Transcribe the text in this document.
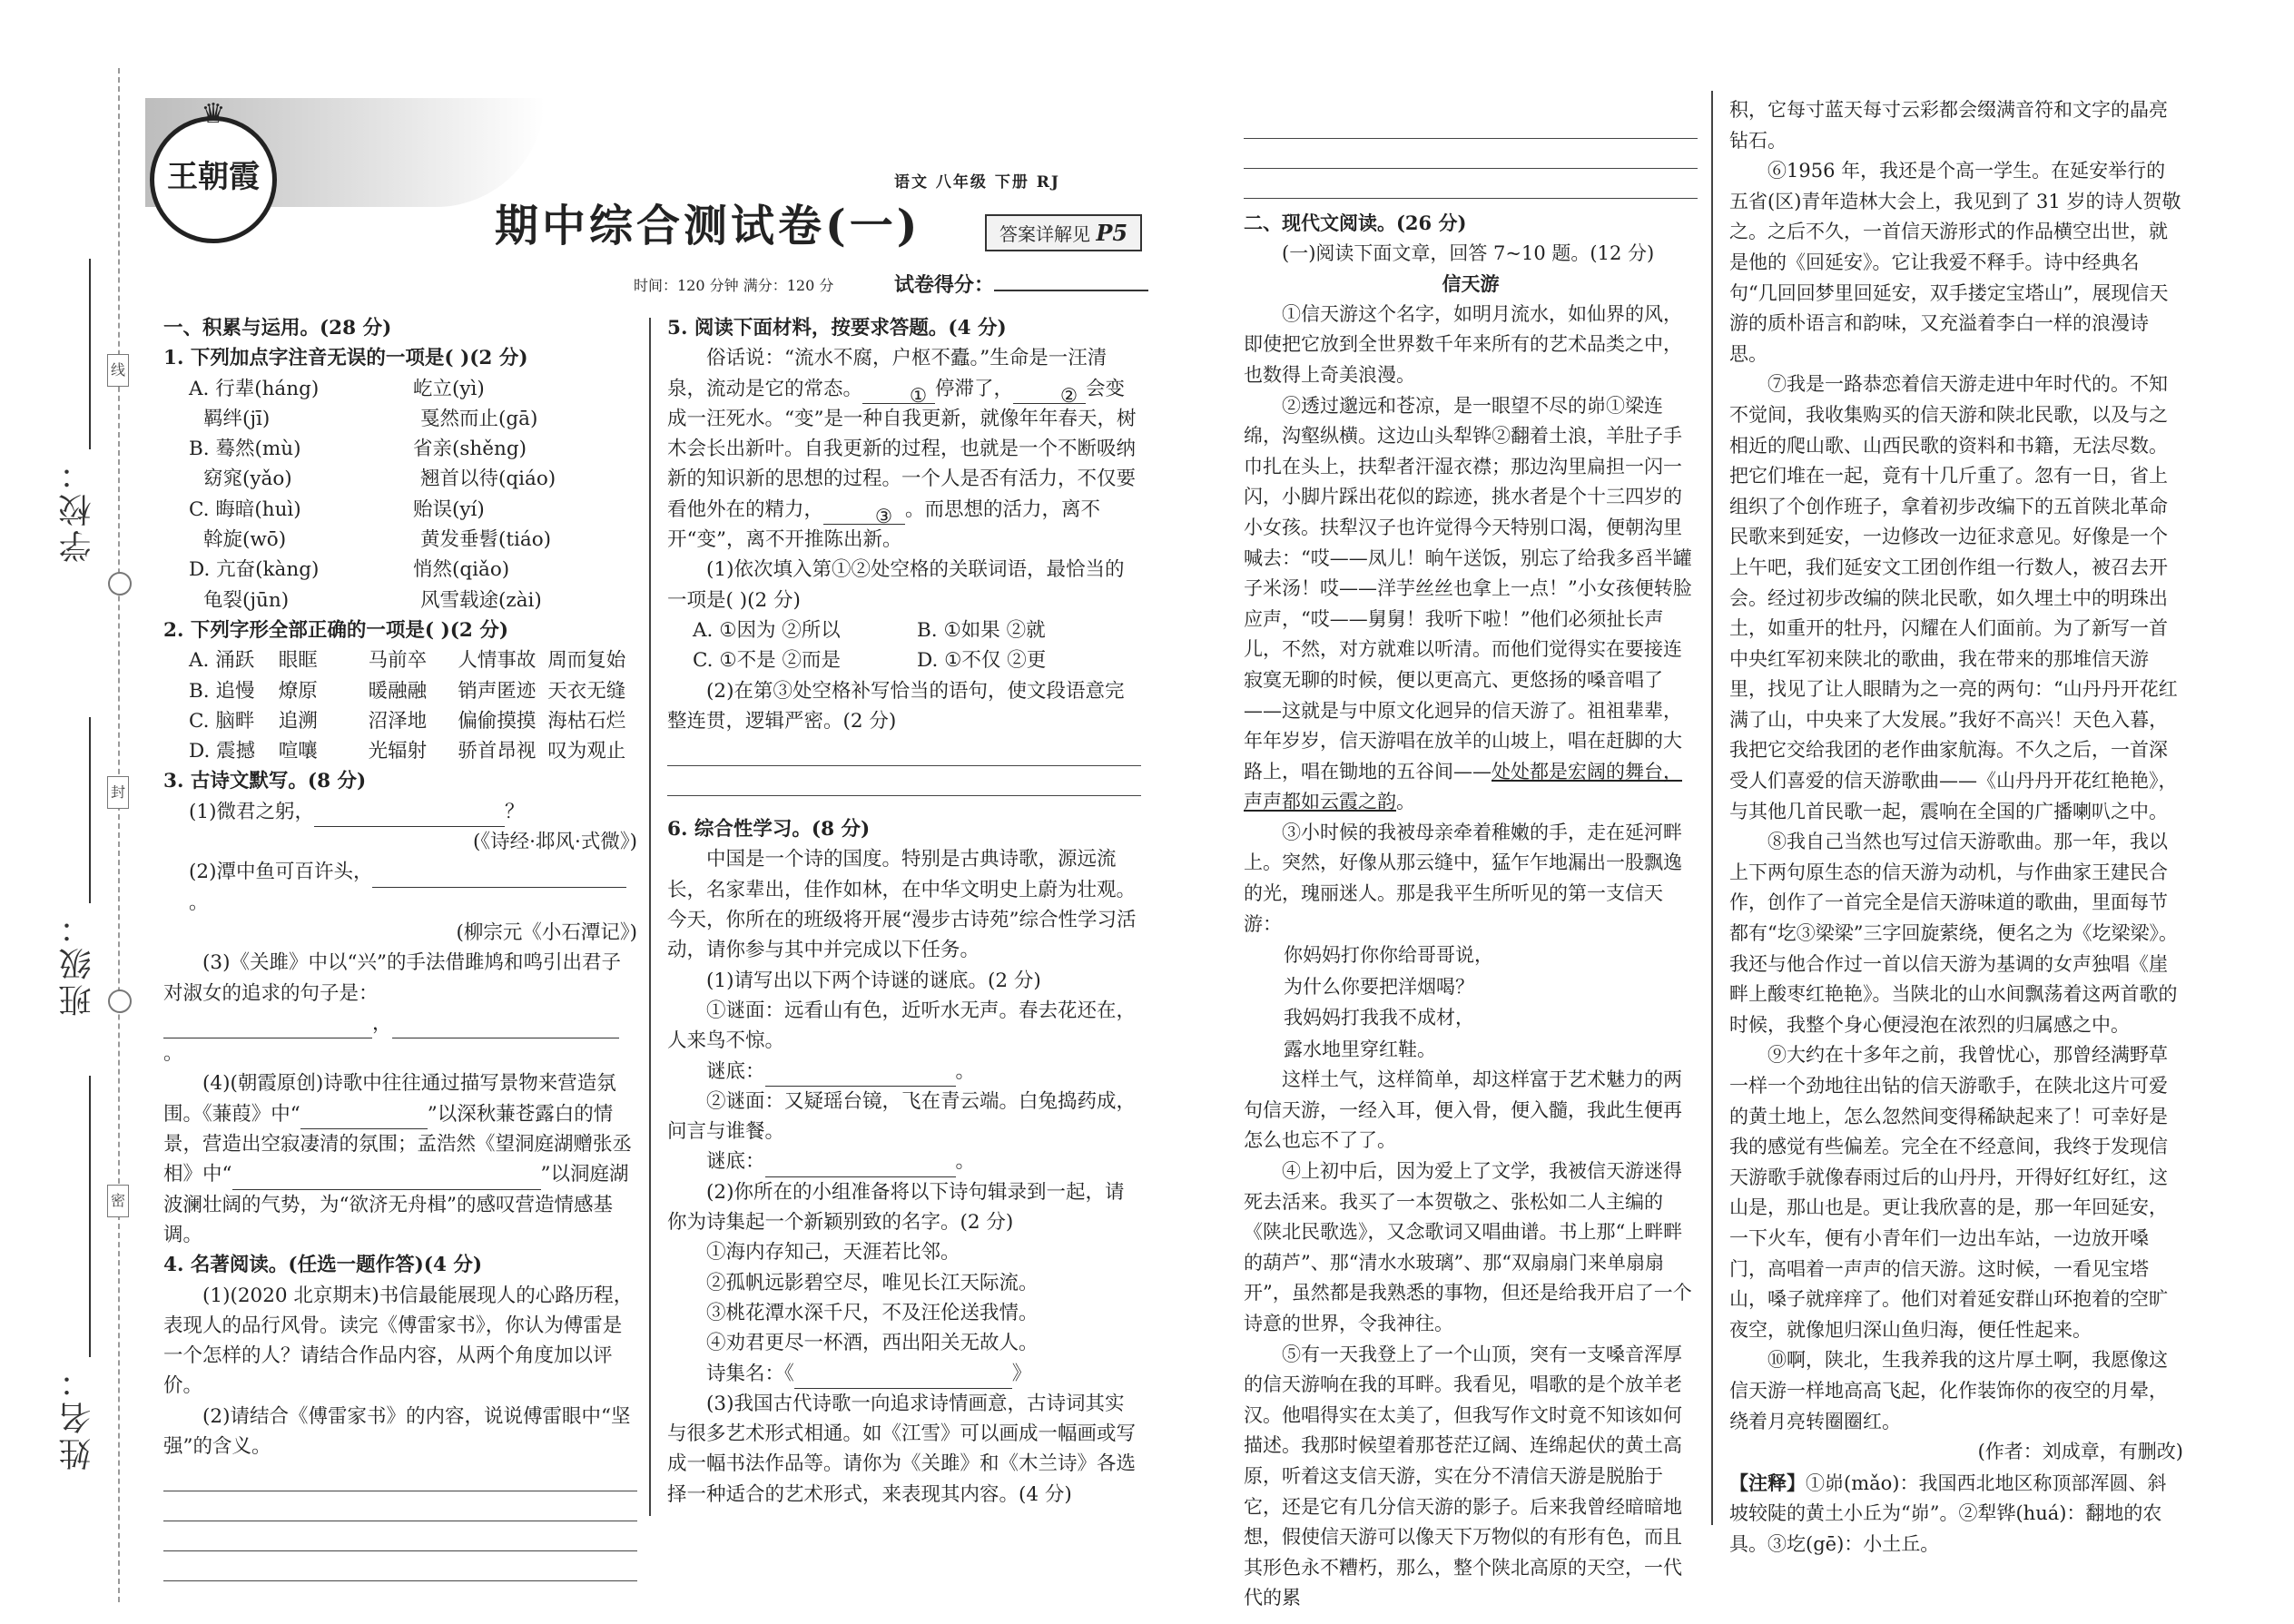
学校：
班级：
姓名：
线
封
密
♛
王朝霞
期中综合测试卷(一)
语文 八年级 下册 RJ
答案详解见 P5
时间：120 分钟 满分：120 分	试卷得分：

一、积累与运用。(28 分)

1. 下列加点字注音无误的一项是( )(2 分)

A. 行辈(háng)	屹立(yì)
羁绊(jī)	戛然而止(gā)
B. 蓦然(mù)	省亲(shěng)
窈窕(yǎo)	翘首以待(qiáo)
C. 晦暗(huì)	贻误(yí)
斡旋(wō)	黄发垂髫(tiáo)
D. 亢奋(kàng)	悄然(qiǎo)
龟裂(jūn)	风雪载途(zài)

2. 下列字形全部正确的一项是( )(2 分)

A. 涌跃	眼眶	马前卒	人情事故 周而复始
B. 追慢	燎原	暖融融	销声匿迹 天衣无缝
C. 脑畔	追溯	沼泽地	偏偷摸摸 海枯石烂
D. 震撼	喧嚷	光辐射	骄首昂视 叹为观止

3. 古诗文默写。(8 分)

(1)微君之躬，	？

(《诗经·邶风·式微》)

(2)潭中鱼可百许头，。

(柳宗元《小石潭记》)

(3)《关雎》中以“兴”的手法借雎鸠和鸣引出君子对淑女的追求的句子是：

，。

(4)(朝霞原创)诗歌中往往通过描写景物来营造氛围。《蒹葭》中“	”以深秋蒹苍露白的情景，营造出空寂凄清的氛围；孟浩然《望洞庭湖赠张丞相》中“	”以洞庭湖波澜壮阔的气势，为“欲济无舟楫”的感叹营造情感基调。

4. 名著阅读。(任选一题作答)(4 分)

(1)(2020 北京期末)书信最能展现人的心路历程，表现人的品行风骨。读完《傅雷家书》，你认为傅雷是一个怎样的人？请结合作品内容，从两个角度加以评价。

(2)请结合《傅雷家书》的内容，说说傅雷眼中“坚强”的含义。

5. 阅读下面材料，按要求答题。(4 分)

俗话说：“流水不腐，户枢不蠹。”生命是一汪清泉，流动是它的常态。 ① 停滞了， ② 会变成一汪死水。“变”是一种自我更新，就像年年春天，树木会长出新叶。自我更新的过程，也就是一个不断吸纳新的知识新的思想的过程。一个人是否有活力，不仅要看他外在的精力，	③ 。而思想的活力，离不开“变”，离不开推陈出新。

(1)依次填入第①②处空格的关联词语，最恰当的一项是( )(2 分)

A. ①因为 ②所以	B. ①如果 ②就
C. ①不是 ②而是	D. ①不仅 ②更

(2)在第③处空格补写恰当的语句，使文段语意完整连贯，逻辑严密。(2 分)

6. 综合性学习。(8 分)

中国是一个诗的国度。特别是古典诗歌，源远流长，名家辈出，佳作如林，在中华文明史上蔚为壮观。今天，你所在的班级将开展“漫步古诗苑”综合性学习活动，请你参与其中并完成以下任务。

(1)请写出以下两个诗谜的谜底。(2 分)

①谜面：远看山有色，近听水无声。春去花还在，人来鸟不惊。

谜底：	。

②谜面：又疑瑶台镜，飞在青云端。白兔捣药成，问言与谁餐。

谜底：	。

(2)你所在的小组准备将以下诗句辑录到一起，请你为诗集起一个新颖别致的名字。(2 分)

①海内存知己，天涯若比邻。

②孤帆远影碧空尽，唯见长江天际流。

③桃花潭水深千尺，不及汪伦送我情。

④劝君更尽一杯酒，西出阳关无故人。

诗集名：《	》

(3)我国古代诗歌一向追求诗情画意，古诗词其实与很多艺术形式相通。如《江雪》可以画成一幅画或写成一幅书法作品等。请你为《关雎》和《木兰诗》各选择一种适合的艺术形式，来表现其内容。(4 分)

二、现代文阅读。(26 分)

(一)阅读下面文章，回答 7~10 题。(12 分)

信天游

①信天游这个名字，如明月流水，如仙界的风，即使把它放到全世界数千年来所有的艺术品类之中，也数得上奇美浪漫。

②透过邈远和苍凉，是一眼望不尽的峁①梁连绵，沟壑纵横。这边山头犁铧②翻着土浪，羊肚子手巾扎在头上，扶犁者汗湿衣襟；那边沟里扁担一闪一闪，小脚片踩出花似的踪迹，挑水者是个十三四岁的小女孩。扶犁汉子也许觉得今天特别口渴，便朝沟里喊去：“哎——凤儿！晌午送饭，别忘了给我多舀半罐子米汤！哎——洋芋丝丝也拿上一点！”小女孩便转脸应声，“哎——舅舅！我听下啦！”他们必须扯长声儿，不然，对方就难以听清。而他们觉得实在要接连寂寞无聊的时候，便以更高亢、更悠扬的嗓音唱了——这就是与中原文化迥异的信天游了。祖祖辈辈，年年岁岁，信天游唱在放羊的山坡上，唱在赶脚的大路上，唱在锄地的五谷间——处处都是宏阔的舞台，声声都如云霞之韵。

③小时候的我被母亲牵着稚嫩的手，走在延河畔上。突然，好像从那云缝中，猛乍乍地漏出一股飘逸的光，瑰丽迷人。那是我平生所听见的第一支信天游：

你妈妈打你你给哥哥说，

为什么你要把洋烟喝？

我妈妈打我我不成材，

露水地里穿红鞋。

这样土气，这样简单，却这样富于艺术魅力的两句信天游，一经入耳，便入骨，便入髓，我此生便再怎么也忘不了了。

④上初中后，因为爱上了文学，我被信天游迷得死去活来。我买了一本贺敬之、张松如二人主编的《陕北民歌选》，又念歌词又唱曲谱。书上那“上畔畔的葫芦”、那“清水水玻璃”、那“双扇扇门来单扇扇开”，虽然都是我熟悉的事物，但还是给我开启了一个诗意的世界，令我神往。

⑤有一天我登上了一个山顶，突有一支嗓音浑厚的信天游响在我的耳畔。我看见，唱歌的是个放羊老汉。他唱得实在太美了，但我写作文时竟不知该如何描述。我那时候望着那苍茫辽阔、连绵起伏的黄土高原，听着这支信天游，实在分不清信天游是脱胎于它，还是它有几分信天游的影子。后来我曾经暗暗地想，假使信天游可以像天下万物似的有形有色，而且其形色永不糟朽，那么，整个陕北高原的天空，一代代的累

积，它每寸蓝天每寸云彩都会缀满音符和文字的晶亮钻石。

⑥1956 年，我还是个高一学生。在延安举行的五省(区)青年造林大会上，我见到了 31 岁的诗人贺敬之。之后不久，一首信天游形式的作品横空出世，就是他的《回延安》。它让我爱不释手。诗中经典名句“几回回梦里回延安，双手搂定宝塔山”，展现信天游的质朴语言和韵味，又充溢着李白一样的浪漫诗思。

⑦我是一路恭恋着信天游走进中年时代的。不知不觉间，我收集购买的信天游和陕北民歌，以及与之相近的爬山歌、山西民歌的资料和书籍，无法尽数。把它们堆在一起，竟有十几斤重了。忽有一日，省上组织了个创作班子，拿着初步改编下的五首陕北革命民歌来到延安，一边修改一边征求意见。好像是一个上午吧，我们延安文工团创作组一行数人，被召去开会。经过初步改编的陕北民歌，如久埋土中的明珠出土，如重开的牡丹，闪耀在人们面前。为了新写一首中央红军初来陕北的歌曲，我在带来的那堆信天游里，找见了让人眼睛为之一亮的两句：“山丹丹开花红满了山，中央来了大发展。”我好不高兴！天色入暮，我把它交给我团的老作曲家航海。不久之后，一首深受人们喜爱的信天游歌曲——《山丹丹开花红艳艳》，与其他几首民歌一起，震响在全国的广播喇叭之中。

⑧我自己当然也写过信天游歌曲。那一年，我以上下两句原生态的信天游为动机，与作曲家王建民合作，创作了一首完全是信天游味道的歌曲，里面每节都有“圪③梁梁”三字回旋萦绕，便名之为《圪梁梁》。我还与他合作过一首以信天游为基调的女声独唱《崖畔上酸枣红艳艳》。当陕北的山水间飘荡着这两首歌的时候，我整个身心便浸泡在浓烈的归属感之中。

⑨大约在十多年之前，我曾忧心，那曾经满野草一样一个劲地往出钻的信天游歌手，在陕北这片可爱的黄土地上，怎么忽然间变得稀缺起来了！可幸好是我的感觉有些偏差。完全在不经意间，我终于发现信天游歌手就像春雨过后的山丹丹，开得好红好红，这山是，那山也是。更让我欣喜的是，那一年回延安，一下火车，便有小青年们一边出车站，一边放开嗓门，高唱着一声声的信天游。这时候，一看见宝塔山，嗓子就痒痒了。他们对着延安群山环抱着的空旷夜空，就像旭归深山鱼归海，便任性起来。

⑩啊，陕北，生我养我的这片厚土啊，我愿像这信天游一样地高高飞起，化作装饰你的夜空的月晕，绕着月亮转圈圈红。

(作者：刘成章，有删改)

【注释】①峁(mǎo)：我国西北地区称顶部浑圆、斜坡较陡的黄土小丘为“峁”。②犁铧(huá)：翻地的农具。③圪(gē)：小土丘。
